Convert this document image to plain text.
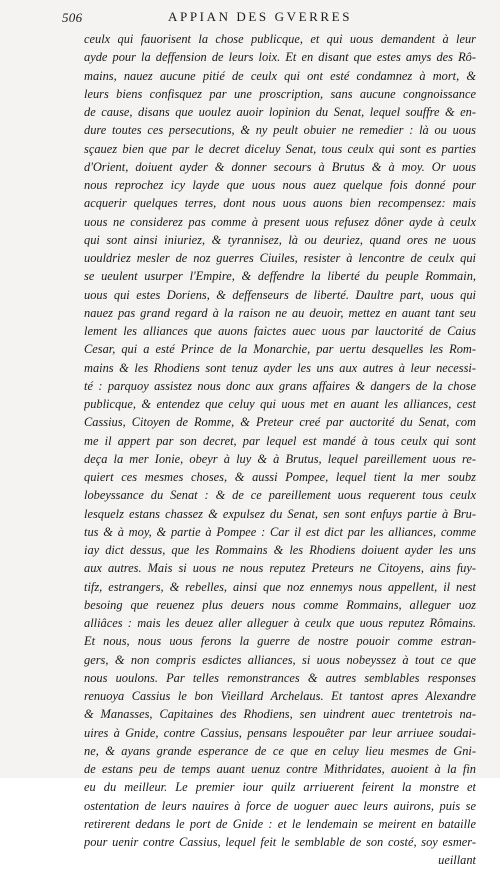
506	APPIAN DES GVERRES
ceulx qui fauorisent la chose publicque, et qui uous demandent à leur
ayde pour la deffension de leurs loix. Et en disant que estes amys des Rô-
mains, nauez aucune pitié de ceulx qui ont esté condamnez à mort, &
leurs biens confisquez par une proscription, sans aucune congnoissance
de cause, disans que uoulez auoir lopinion du Senat, lequel souffre & en-
dure toutes ces persecutions, & ny peult obuier ne remedier : là ou uous
sçauez bien que par le decret diceluy Senat, tous ceulx qui sont es parties
d'Orient, doiuent ayder & donner secours à Brutus & à moy. Or uous
nous reprochez icy layde que uous nous auez quelque fois donné pour
acquerir quelques terres, dont nous uous auons bien recompensez: mais
uous ne considerez pas comme à present uous refusez dôner ayde à ceulx
qui sont ainsi iniuriez, & tyrannisez, là ou deuriez, quand ores ne uous
uouldriez mesler de noz guerres Ciuiles, resister à lencontre de ceulx qui
se ueulent usurper l'Empire, & deffendre la liberté du peuple Rommain,
uous qui estes Doriens, & deffenseurs de liberté. Daultre part, uous qui
nauez pas grand regard à la raison ne au deuoir, mettez en auant tant seu
lement les alliances que auons faictes auec uous par lauctorité de Caius
Cesar, qui a esté Prince de la Monarchie, par uertu desquelles les Rom-
mains & les Rhodiens sont tenuz ayder les uns aux autres à leur necessi-
té : parquoy assistez nous donc aux grans affaires & dangers de la chose
publicque, & entendez que celuy qui uous met en auant les alliances, cest
Cassius, Citoyen de Romme, & Preteur creé par auctorité du Senat, com
me il appert par son decret, par lequel est mandé à tous ceulx qui sont
deça la mer Ionie, obeyr à luy & à Brutus, lequel pareillement uous re-
quiert ces mesmes choses, & aussi Pompee, lequel tient la mer soubz
lobeyssance du Senat : & de ce pareillement uous requerent tous ceulx
lesquelz estans chassez & expulsez du Senat, sen sont enfuys partie à Bru-
tus & à moy, & partie à Pompee : Car il est dict par les alliances, comme
iay dict dessus, que les Rommains & les Rhodiens doiuent ayder les uns
aux autres. Mais si uous ne nous reputez Preteurs ne Citoyens, ains fuy-
tifz, estrangers, & rebelles, ainsi que noz ennemys nous appellent, il nest
besoing que reuenez plus deuers nous comme Rommains, alleguer uoz
alliâces : mais les deuez aller alleguer à ceulx que uous reputez Rômains.
Et nous, nous uous ferons la guerre de nostre pouoir comme estran-
gers, & non compris esdictes alliances, si uous nobeyssez à tout ce que
nous uoulons. Par telles remonstrances & autres semblables responses
renuoya Cassius le bon Vieillard Archelaus. Et tantost apres Alexandre
& Manasses, Capitaines des Rhodiens, sen uindrent auec trentetrois na-
uires à Gnide, contre Cassius, pensans lespouêter par leur arriuee soudai-
ne, & ayans grande esperance de ce que en celuy lieu mesmes de Gni-
de estans peu de temps auant uenuz contre Mithridates, auoient à la fin
eu du meilleur. Le premier iour quilz arriuerent feirent la monstre et
ostentation de leurs nauires à force de uoguer auec leurs auirons, puis se
retirerent dedans le port de Gnide : et le lendemain se meirent en bataille
pour uenir contre Cassius, lequel feit le semblable de son costé, soy esmer-
ueillant
